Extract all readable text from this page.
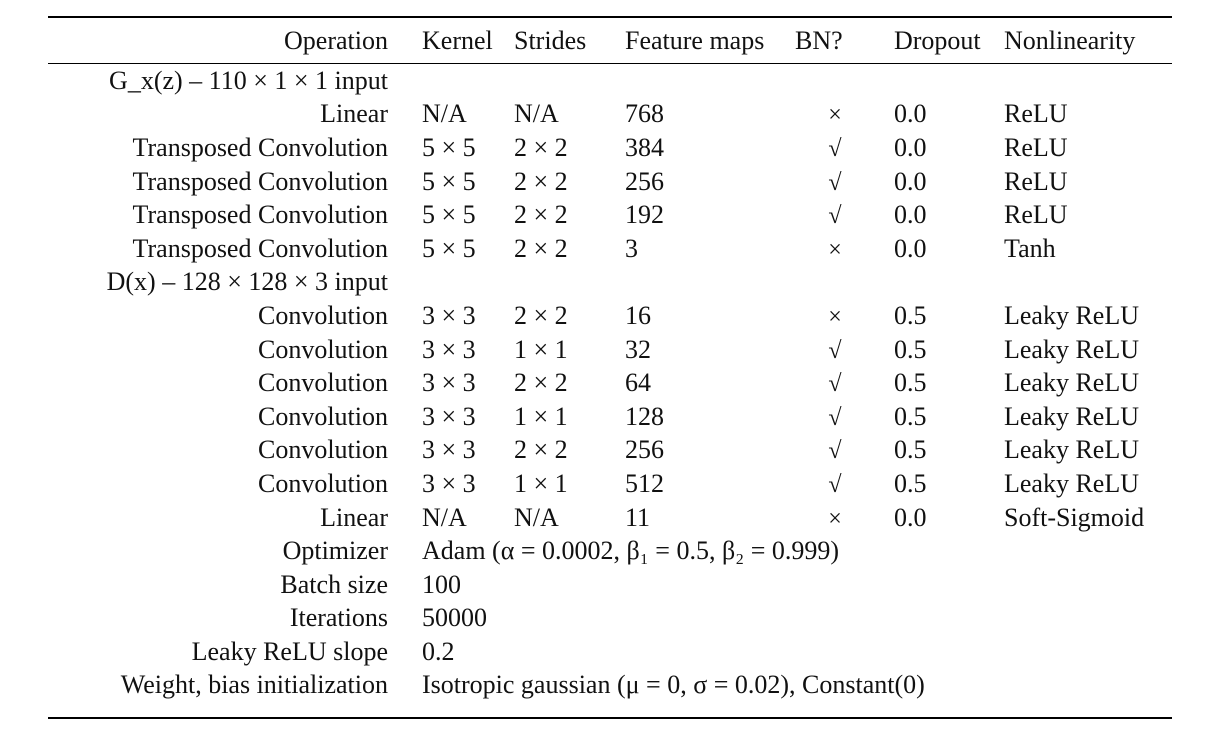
Operation	Kernel	Strides	Feature maps	BN?	Dropout	Nonlinearity
G_x(z) – 110 × 1 × 1 input						
Linear	N/A	N/A	768	×	0.0	ReLU
Transposed Convolution	5 × 5	2 × 2	384	√	0.0	ReLU
Transposed Convolution	5 × 5	2 × 2	256	√	0.0	ReLU
Transposed Convolution	5 × 5	2 × 2	192	√	0.0	ReLU
Transposed Convolution	5 × 5	2 × 2	3	×	0.0	Tanh
D(x) – 128 × 128 × 3 input						
Convolution	3 × 3	2 × 2	16	×	0.5	Leaky ReLU
Convolution	3 × 3	1 × 1	32	√	0.5	Leaky ReLU
Convolution	3 × 3	2 × 2	64	√	0.5	Leaky ReLU
Convolution	3 × 3	1 × 1	128	√	0.5	Leaky ReLU
Convolution	3 × 3	2 × 2	256	√	0.5	Leaky ReLU
Convolution	3 × 3	1 × 1	512	√	0.5	Leaky ReLU
Linear	N/A	N/A	11	×	0.0	Soft-Sigmoid
Optimizer	Adam (α = 0.0002, β₁ = 0.5, β₂ = 0.999)					
Batch size	100					
Iterations	50000					
Leaky ReLU slope	0.2					
Weight, bias initialization	Isotropic gaussian (μ = 0, σ = 0.02), Constant(0)					
